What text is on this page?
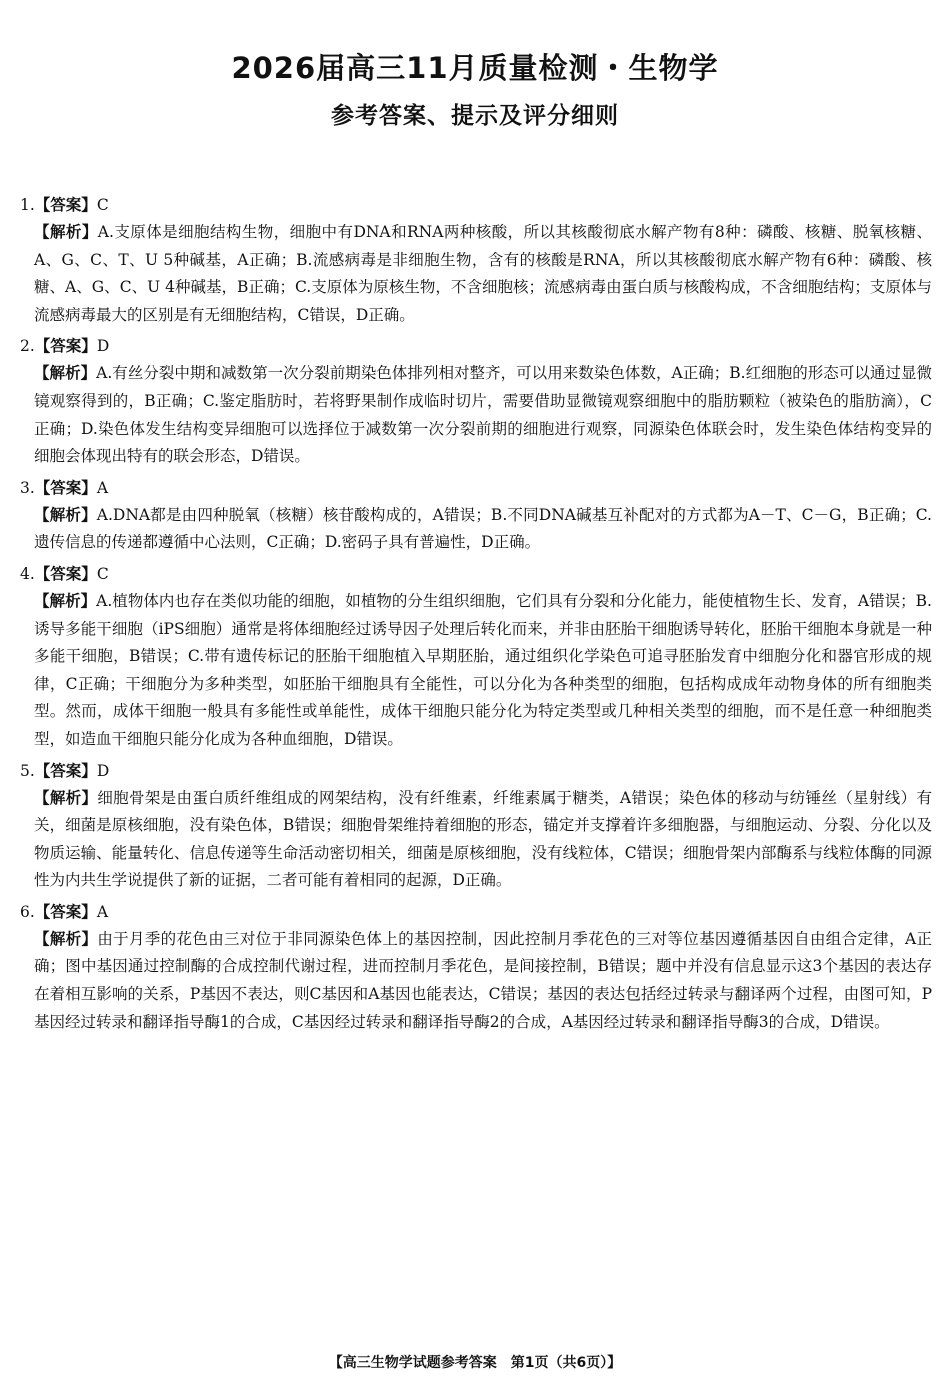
2026届高三11月质量检测・生物学
参考答案、提示及评分细则
1.【答案】C
【解析】A.支原体是细胞结构生物，细胞中有DNA和RNA两种核酸，所以其核酸彻底水解产物有8种：磷酸、核糖、脱氧核糖、A、G、C、T、U 5种碱基，A正确；B.流感病毒是非细胞生物，含有的核酸是RNA，所以其核酸彻底水解产物有6种：磷酸、核糖、A、G、C、U 4种碱基，B正确；C.支原体为原核生物，不含细胞核；流感病毒由蛋白质与核酸构成，不含细胞结构；支原体与流感病毒最大的区别是有无细胞结构，C错误，D正确。
2.【答案】D
【解析】A.有丝分裂中期和减数第一次分裂前期染色体排列相对整齐，可以用来数染色体数，A正确；B.红细胞的形态可以通过显微镜观察得到的，B正确；C.鉴定脂肪时，若将野果制作成临时切片，需要借助显微镜观察细胞中的脂肪颗粒（被染色的脂肪滴），C正确；D.染色体发生结构变异细胞可以选择位于减数第一次分裂前期的细胞进行观察，同源染色体联会时，发生染色体结构变异的细胞会体现出特有的联会形态，D错误。
3.【答案】A
【解析】A.DNA都是由四种脱氧（核糖）核苷酸构成的，A错误；B.不同DNA碱基互补配对的方式都为A－T、C－G，B正确；C.遗传信息的传递都遵循中心法则，C正确；D.密码子具有普遍性，D正确。
4.【答案】C
【解析】A.植物体内也存在类似功能的细胞，如植物的分生组织细胞，它们具有分裂和分化能力，能使植物生长、发育，A错误；B.诱导多能干细胞（iPS细胞）通常是将体细胞经过诱导因子处理后转化而来，并非由胚胎干细胞诱导转化，胚胎干细胞本身就是一种多能干细胞，B错误；C.带有遗传标记的胚胎干细胞植入早期胚胎，通过组织化学染色可追寻胚胎发育中细胞分化和器官形成的规律，C正确；干细胞分为多种类型，如胚胎干细胞具有全能性，可以分化为各种类型的细胞，包括构成成年动物身体的所有细胞类型。然而，成体干细胞一般具有多能性或单能性，成体干细胞只能分化为特定类型或几种相关类型的细胞，而不是任意一种细胞类型，如造血干细胞只能分化成为各种血细胞，D错误。
5.【答案】D
【解析】细胞骨架是由蛋白质纤维组成的网架结构，没有纤维素，纤维素属于糖类，A错误；染色体的移动与纺锤丝（星射线）有关，细菌是原核细胞，没有染色体，B错误；细胞骨架维持着细胞的形态，锚定并支撑着许多细胞器，与细胞运动、分裂、分化以及物质运输、能量转化、信息传递等生命活动密切相关，细菌是原核细胞，没有线粒体，C错误；细胞骨架内部酶系与线粒体酶的同源性为内共生学说提供了新的证据，二者可能有着相同的起源，D正确。
6.【答案】A
【解析】由于月季的花色由三对位于非同源染色体上的基因控制，因此控制月季花色的三对等位基因遵循基因自由组合定律，A正确；图中基因通过控制酶的合成控制代谢过程，进而控制月季花色，是间接控制，B错误；题中并没有信息显示这3个基因的表达存在着相互影响的关系，P基因不表达，则C基因和A基因也能表达，C错误；基因的表达包括经过转录与翻译两个过程，由图可知，P基因经过转录和翻译指导酶1的合成，C基因经过转录和翻译指导酶2的合成，A基因经过转录和翻译指导酶3的合成，D错误。
【高三生物学试题参考答案　第1页（共6页）】
